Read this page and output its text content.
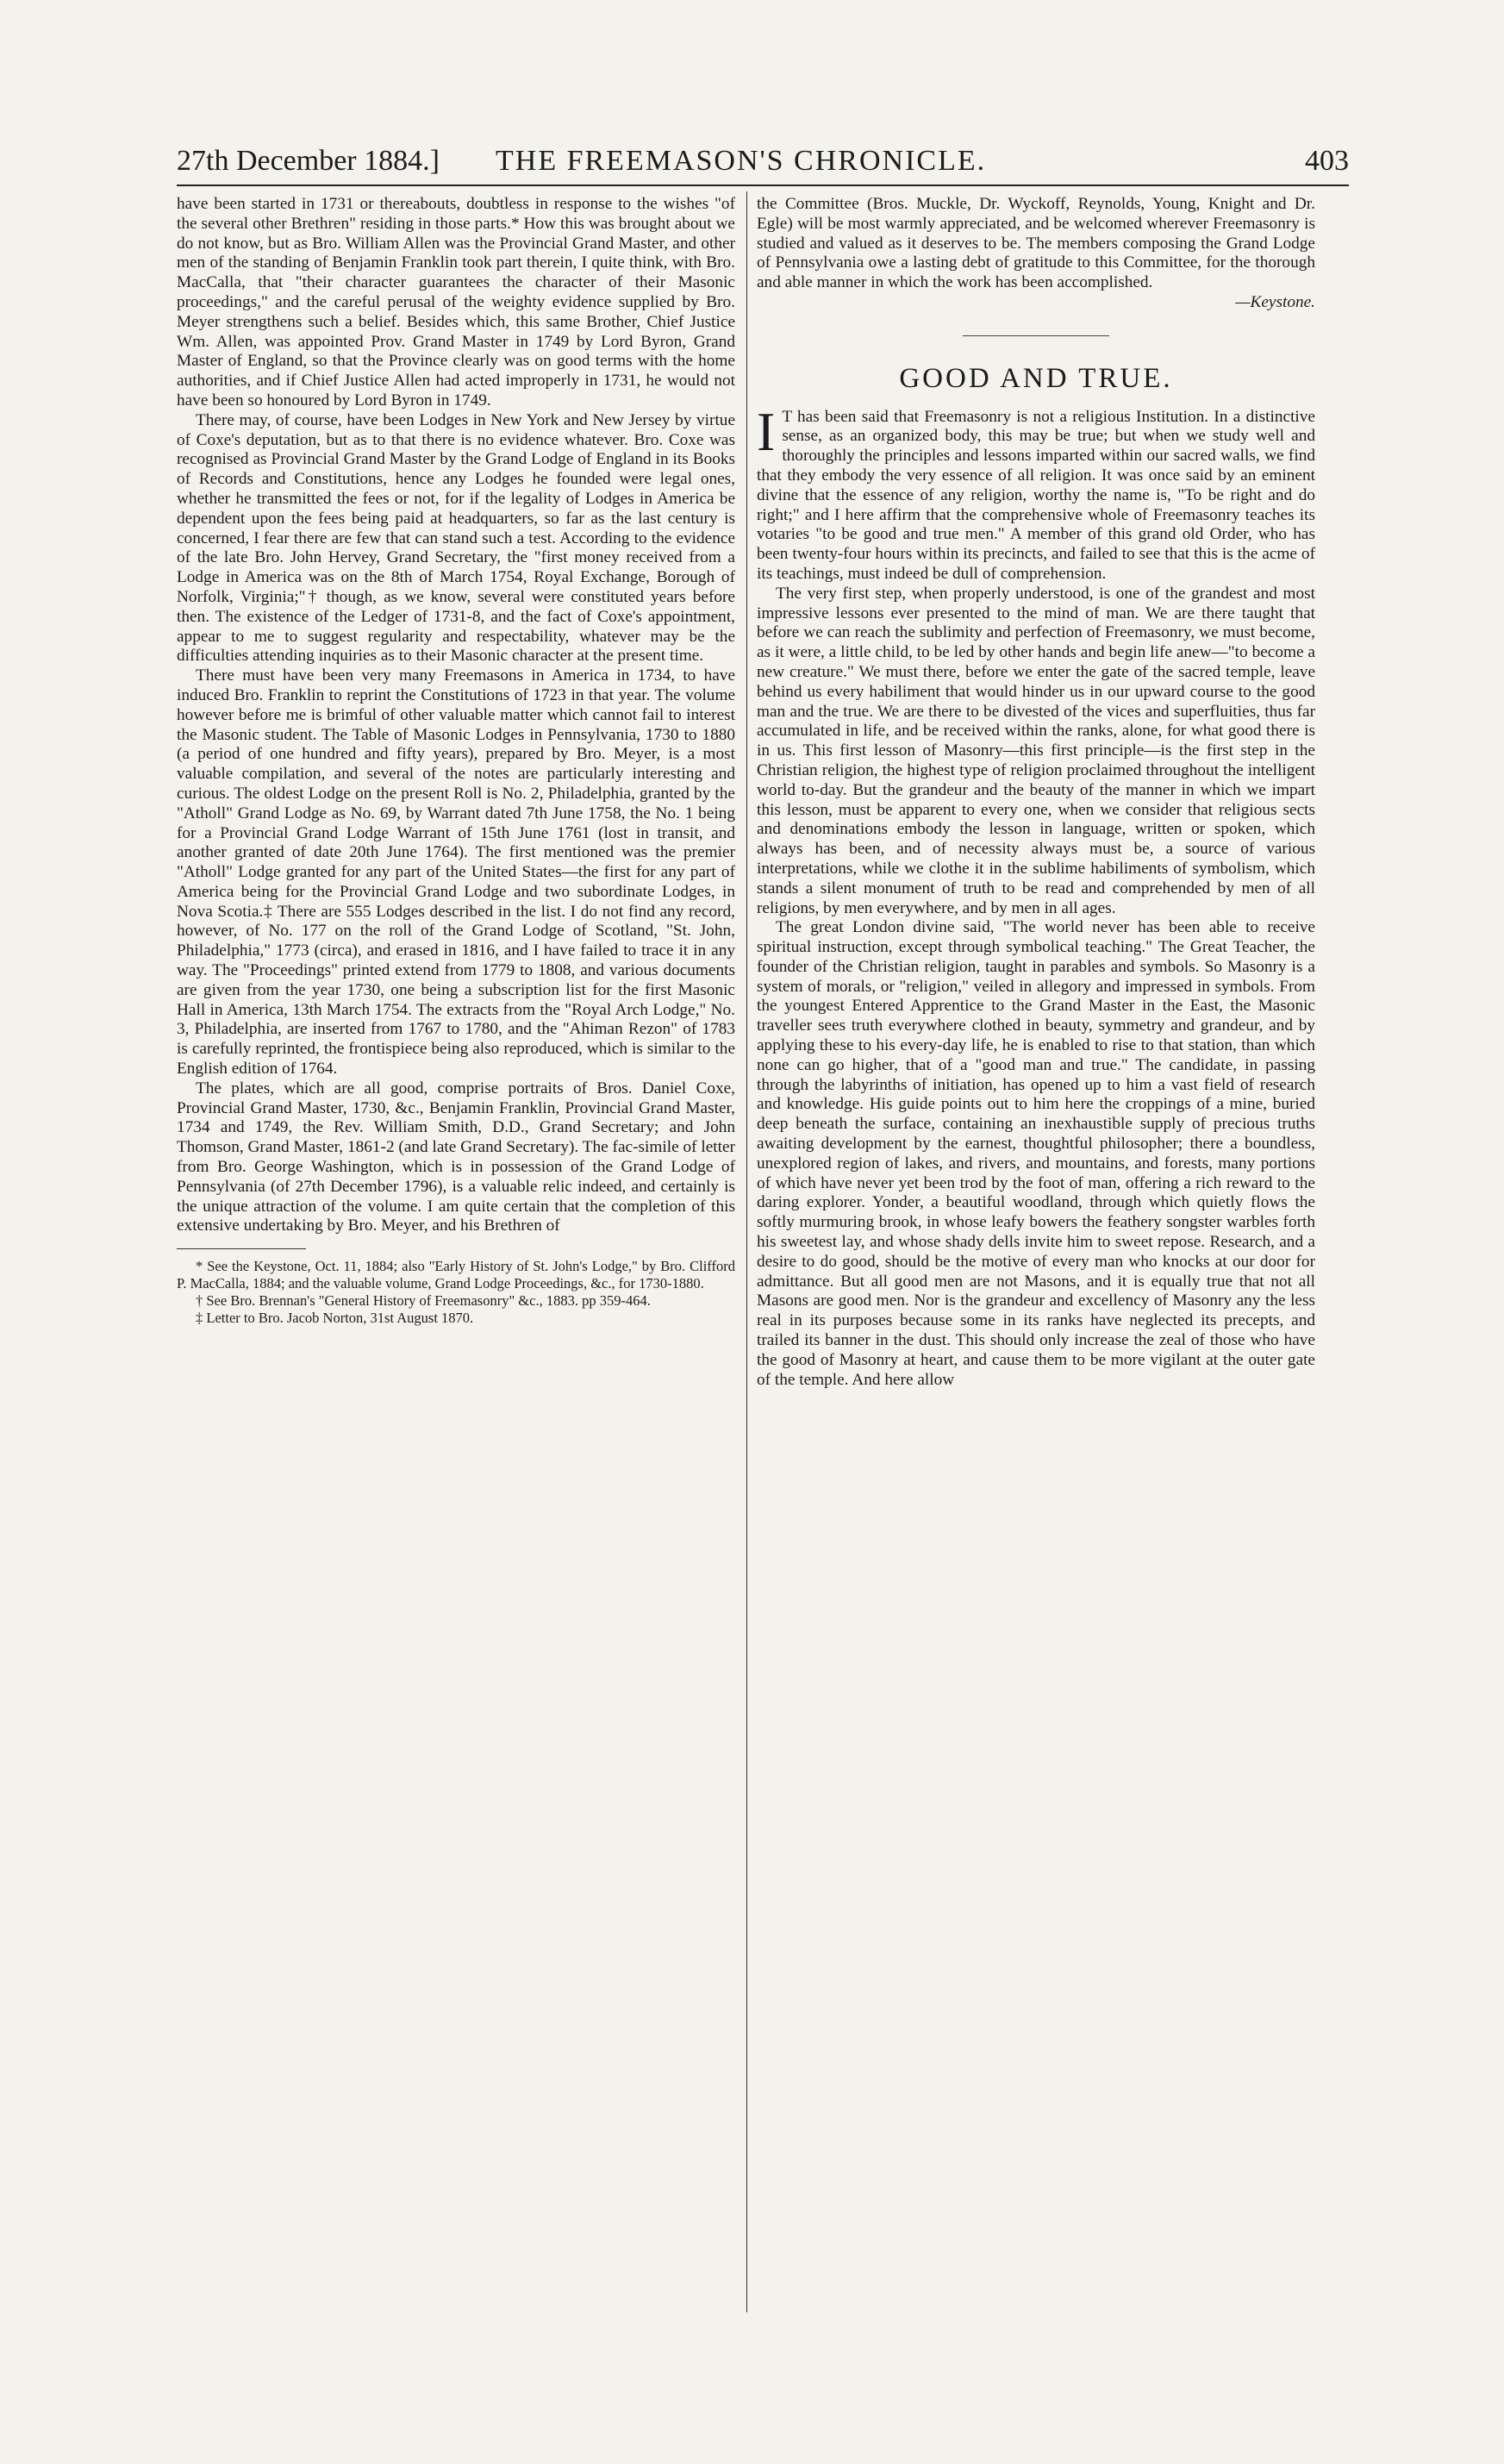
27th December 1884.] THE FREEMASON'S CHRONICLE.	403

have been started in 1731 or thereabouts, doubtless in response to the wishes "of the several other Brethren" residing in those parts.* How this was brought about we do not know, but as Bro. William Allen was the Provincial Grand Master, and other men of the standing of Benjamin Franklin took part therein, I quite think, with Bro. MacCalla, that "their character guarantees the character of their Masonic proceedings," and the careful perusal of the weighty evidence supplied by Bro. Meyer strengthens such a belief. Besides which, this same Brother, Chief Justice Wm. Allen, was appointed Prov. Grand Master in 1749 by Lord Byron, Grand Master of England, so that the Province clearly was on good terms with the home authorities, and if Chief Justice Allen had acted improperly in 1731, he would not have been so honoured by Lord Byron in 1749.

There may, of course, have been Lodges in New York and New Jersey by virtue of Coxe's deputation, but as to that there is no evidence whatever. Bro. Coxe was recognised as Provincial Grand Master by the Grand Lodge of England in its Books of Records and Constitutions, hence any Lodges he founded were legal ones, whether he transmitted the fees or not, for if the legality of Lodges in America be dependent upon the fees being paid at headquarters, so far as the last century is concerned, I fear there are few that can stand such a test. According to the evidence of the late Bro. John Hervey, Grand Secretary, the "first money received from a Lodge in America was on the 8th of March 1754, Royal Exchange, Borough of Norfolk, Virginia;"† though, as we know, several were constituted years before then. The existence of the Ledger of 1731-8, and the fact of Coxe's appointment, appear to me to suggest regularity and respectability, whatever may be the difficulties attending inquiries as to their Masonic character at the present time.

There must have been very many Freemasons in America in 1734, to have induced Bro. Franklin to reprint the Constitutions of 1723 in that year. The volume however before me is brimful of other valuable matter which cannot fail to interest the Masonic student. The Table of Masonic Lodges in Pennsylvania, 1730 to 1880 (a period of one hundred and fifty years), prepared by Bro. Meyer, is a most valuable compilation, and several of the notes are particularly interesting and curious. The oldest Lodge on the present Roll is No. 2, Philadelphia, granted by the "Atholl" Grand Lodge as No. 69, by Warrant dated 7th June 1758, the No. 1 being for a Provincial Grand Lodge Warrant of 15th June 1761 (lost in transit, and another granted of date 20th June 1764). The first mentioned was the premier "Atholl" Lodge granted for any part of the United States—the first for any part of America being for the Provincial Grand Lodge and two subordinate Lodges, in Nova Scotia.‡ There are 555 Lodges described in the list. I do not find any record, however, of No. 177 on the roll of the Grand Lodge of Scotland, "St. John, Philadelphia," 1773 (circa), and erased in 1816, and I have failed to trace it in any way. The "Proceedings" printed extend from 1779 to 1808, and various documents are given from the year 1730, one being a subscription list for the first Masonic Hall in America, 13th March 1754. The extracts from the "Royal Arch Lodge," No. 3, Philadelphia, are inserted from 1767 to 1780, and the "Ahiman Rezon" of 1783 is carefully reprinted, the frontispiece being also reproduced, which is similar to the English edition of 1764.

The plates, which are all good, comprise portraits of Bros. Daniel Coxe, Provincial Grand Master, 1730, &c., Benjamin Franklin, Provincial Grand Master, 1734 and 1749, the Rev. William Smith, D.D., Grand Secretary; and John Thomson, Grand Master, 1861-2 (and late Grand Secretary). The fac-simile of letter from Bro. George Washington, which is in possession of the Grand Lodge of Pennsylvania (of 27th December 1796), is a valuable relic indeed, and certainly is the unique attraction of the volume. I am quite certain that the completion of this extensive undertaking by Bro. Meyer, and his Brethren of

* See the Keystone, Oct. 11, 1884; also "Early History of St. John's Lodge," by Bro. Clifford P. MacCalla, 1884; and the valuable volume, Grand Lodge Proceedings, &c., for 1730-1880.

† See Bro. Brennan's "General History of Freemasonry" &c., 1883. pp 359-464.

‡ Letter to Bro. Jacob Norton, 31st August 1870.

the Committee (Bros. Muckle, Dr. Wyckoff, Reynolds, Young, Knight and Dr. Egle) will be most warmly appreciated, and be welcomed wherever Freemasonry is studied and valued as it deserves to be. The members composing the Grand Lodge of Pennsylvania owe a lasting debt of gratitude to this Committee, for the thorough and able manner in which the work has been accomplished.

—Keystone.

GOOD AND TRUE.

I T has been said that Freemasonry is not a religious Institution. In a distinctive sense, as an organized body, this may be true; but when we study well and thoroughly the principles and lessons imparted within our sacred walls, we find that they embody the very essence of all religion. It was once said by an eminent divine that the essence of any religion, worthy the name is, "To be right and do right;" and I here affirm that the comprehensive whole of Freemasonry teaches its votaries "to be good and true men." A member of this grand old Order, who has been twenty-four hours within its precincts, and failed to see that this is the acme of its teachings, must indeed be dull of comprehension.

The very first step, when properly understood, is one of the grandest and most impressive lessons ever presented to the mind of man. We are there taught that before we can reach the sublimity and perfection of Freemasonry, we must become, as it were, a little child, to be led by other hands and begin life anew—"to become a new creature." We must there, before we enter the gate of the sacred temple, leave behind us every habiliment that would hinder us in our upward course to the good man and the true. We are there to be divested of the vices and superfluities, thus far accumulated in life, and be received within the ranks, alone, for what good there is in us. This first lesson of Masonry—this first principle—is the first step in the Christian religion, the highest type of religion proclaimed throughout the intelligent world to-day. But the grandeur and the beauty of the manner in which we impart this lesson, must be apparent to every one, when we consider that religious sects and denominations embody the lesson in language, written or spoken, which always has been, and of necessity always must be, a source of various interpretations, while we clothe it in the sublime habiliments of symbolism, which stands a silent monument of truth to be read and comprehended by men of all religions, by men everywhere, and by men in all ages.

The great London divine said, "The world never has been able to receive spiritual instruction, except through symbolical teaching." The Great Teacher, the founder of the Christian religion, taught in parables and symbols. So Masonry is a system of morals, or "religion," veiled in allegory and impressed in symbols. From the youngest Entered Apprentice to the Grand Master in the East, the Masonic traveller sees truth everywhere clothed in beauty, symmetry and grandeur, and by applying these to his every-day life, he is enabled to rise to that station, than which none can go higher, that of a "good man and true." The candidate, in passing through the labyrinths of initiation, has opened up to him a vast field of research and knowledge. His guide points out to him here the croppings of a mine, buried deep beneath the surface, containing an inexhaustible supply of precious truths awaiting development by the earnest, thoughtful philosopher; there a boundless, unexplored region of lakes, and rivers, and mountains, and forests, many portions of which have never yet been trod by the foot of man, offering a rich reward to the daring explorer. Yonder, a beautiful woodland, through which quietly flows the softly murmuring brook, in whose leafy bowers the feathery songster warbles forth his sweetest lay, and whose shady dells invite him to sweet repose. Research, and a desire to do good, should be the motive of every man who knocks at our door for admittance. But all good men are not Masons, and it is equally true that not all Masons are good men. Nor is the grandeur and excellency of Masonry any the less real in its purposes because some in its ranks have neglected its precepts, and trailed its banner in the dust. This should only increase the zeal of those who have the good of Masonry at heart, and cause them to be more vigilant at the outer gate of the temple. And here allow
